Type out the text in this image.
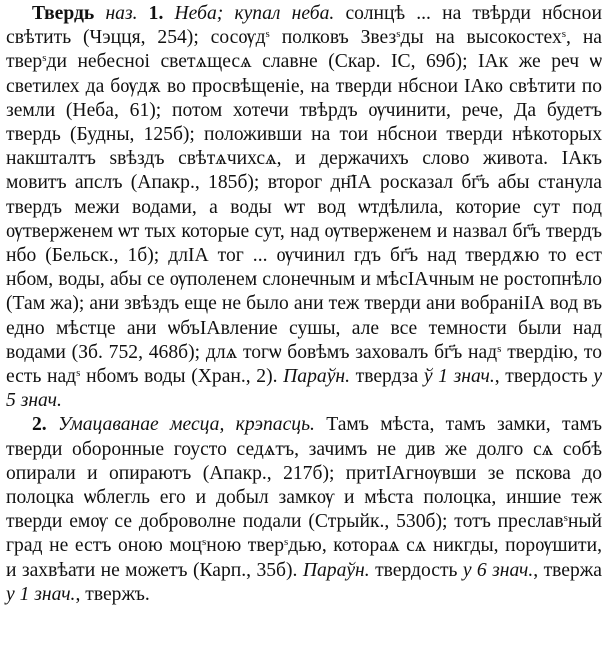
Твердь наз. 1. Неба; купал неба. солнцѣ ... на твѣрди нбснои свѣтить (Чэцця, 254); сосѹд$^s$ полковъ Звез$^s$ды на высокостех$^s$, на твер$^s$ди небесноі светѧщесѧ славне (Скар. IС, 69б); ІАк же реч ѡ светилех да бѹдѫ во просвѣщеніе, на тверди нбснои ІАко свѣтити по земли (Неба, 61); потом хотечи твѣрдъ ѹчинити, рече, Да будетъ твердь (Будны, 125б); положивши на тои нбснои тверди нѣкоторых накшталтъ ѕвѣздъ свѣтѧчихсѧ, и держачихъ слово живота. ІАкъ мовитъ апслъ (Апакр., 185б); второг дн҃ІА росказал бг҃ъ абы станула твердъ межи водами, а воды ѡт вод ѡтдѣлила, которие сут под ѹтверженем ѡт тых которые сут, над ѹтверженем и назвал бг҃ъ твердъ нбо (Бельск., 1б); длІА тог ... ѹчинил гдъ бг҃ъ над твердѫю то ест нбом, воды, абы се ѹполенем слонечным и мѣсІАчным не ростопнѣло (Там жа); ани звѣздъ еще не было ани теж тверди ани вобраніІА вод въ едно мѣстце ани ѡбъІАвление сушы, але все темности были над водами (Зб. 752, 468б); длѧ тогѡ бовѣмъ заховалъ бг҃ъ над$^s$ твердію, то есть над$^s$ нбомъ воды (Хран., 2). Параўн. твердза ў 1 знач., твердость у 5 знач.

2. Умацаванае месца, крэпасць. Тамъ мѣста, тамъ замки, тамъ тверди оборонные гоусто седѧтъ, зачимъ не див же долго сѧ собѣ опирали и опираютъ (Апакр., 217б); притІАгнѹвши зе пскова до полоцка ѡблегль его и добыл замкѹ и мѣста полоцка, иншие теж тверди емѹ се доброволне подали (Стрыйк., 530б); тотъ преслав$^s$ный град не естъ оною моц$^s$ною твер$^s$дью, котораѧ сѧ никгды, порѹшити, и захвѣати не можетъ (Карп., 35б). Параўн. твердость у 6 знач., твержа у 1 знач., твержъ.
